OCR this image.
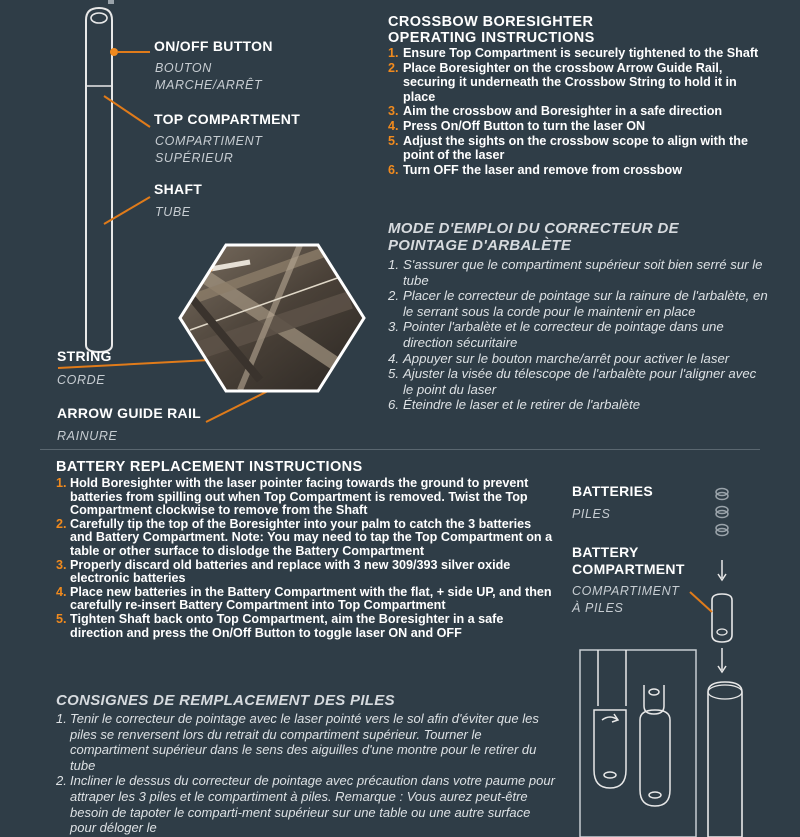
ON/OFF BUTTON
BOUTON
MARCHE/ARRÊT
TOP COMPARTMENT
COMPARTIMENT
SUPÉRIEUR
SHAFT
TUBE
STRING
CORDE
ARROW GUIDE RAIL
RAINURE
CROSSBOW BORESIGHTER
OPERATING INSTRUCTIONS
1. Ensure Top Compartment is securely tightened to the Shaft
2. Place Boresighter on the crossbow Arrow Guide Rail, securing it underneath the Crossbow String to hold it in place
3. Aim the crossbow and Boresighter in a safe direction
4. Press On/Off Button to turn the laser ON
5. Adjust the sights on the crossbow scope to align with the point of the laser
6. Turn OFF the laser and remove from crossbow
MODE D'EMPLOI DU CORRECTEUR DE
POINTAGE D'ARBALÈTE
1. S'assurer que le compartiment supérieur soit bien serré sur le tube
2. Placer le correcteur de pointage sur la rainure de l'arbalète, en le serrant sous la corde pour le maintenir en place
3. Pointer l'arbalète et le correcteur de pointage dans une direction sécuritaire
4. Appuyer sur le bouton marche/arrêt pour activer le laser
5. Ajuster la visée du télescope de l'arbalète pour l'aligner avec le point du laser
6. Éteindre le laser et le retirer de l'arbalète
BATTERY REPLACEMENT INSTRUCTIONS
1. Hold Boresighter with the laser pointer facing towards the ground to prevent batteries from spilling out when Top Compartment is removed. Twist the Top Compartment clockwise to remove from the Shaft
2. Carefully tip the top of the Boresighter into your palm to catch the 3 batteries and Battery Compartment. Note: You may need to tap the Top Compartment on a table or other surface to dislodge the Battery Compartment
3. Properly discard old batteries and replace with 3 new 309/393 silver oxide electronic batteries
4. Place new batteries in the Battery Compartment with the flat, + side UP, and then carefully re-insert Battery Compartment into Top Compartment
5. Tighten Shaft back onto Top Compartment, aim the Boresighter in a safe direction and press the On/Off Button to toggle laser ON and OFF
CONSIGNES DE REMPLACEMENT DES PILES
1. Tenir le correcteur de pointage avec le laser pointé vers le sol afin d'éviter que les piles se renversent lors du retrait du compartiment supérieur. Tourner le compartiment supérieur dans le sens des aiguilles d'une montre pour le retirer du tube
2. Incliner le dessus du correcteur de pointage avec précaution dans votre paume pour attraper les 3 piles et le compartiment à piles. Remarque : Vous aurez peut-être besoin de tapoter le comparti-ment supérieur sur une table ou une autre surface pour déloger le
BATTERIES
PILES
BATTERY
COMPARTMENT
COMPARTIMENT
À PILES
